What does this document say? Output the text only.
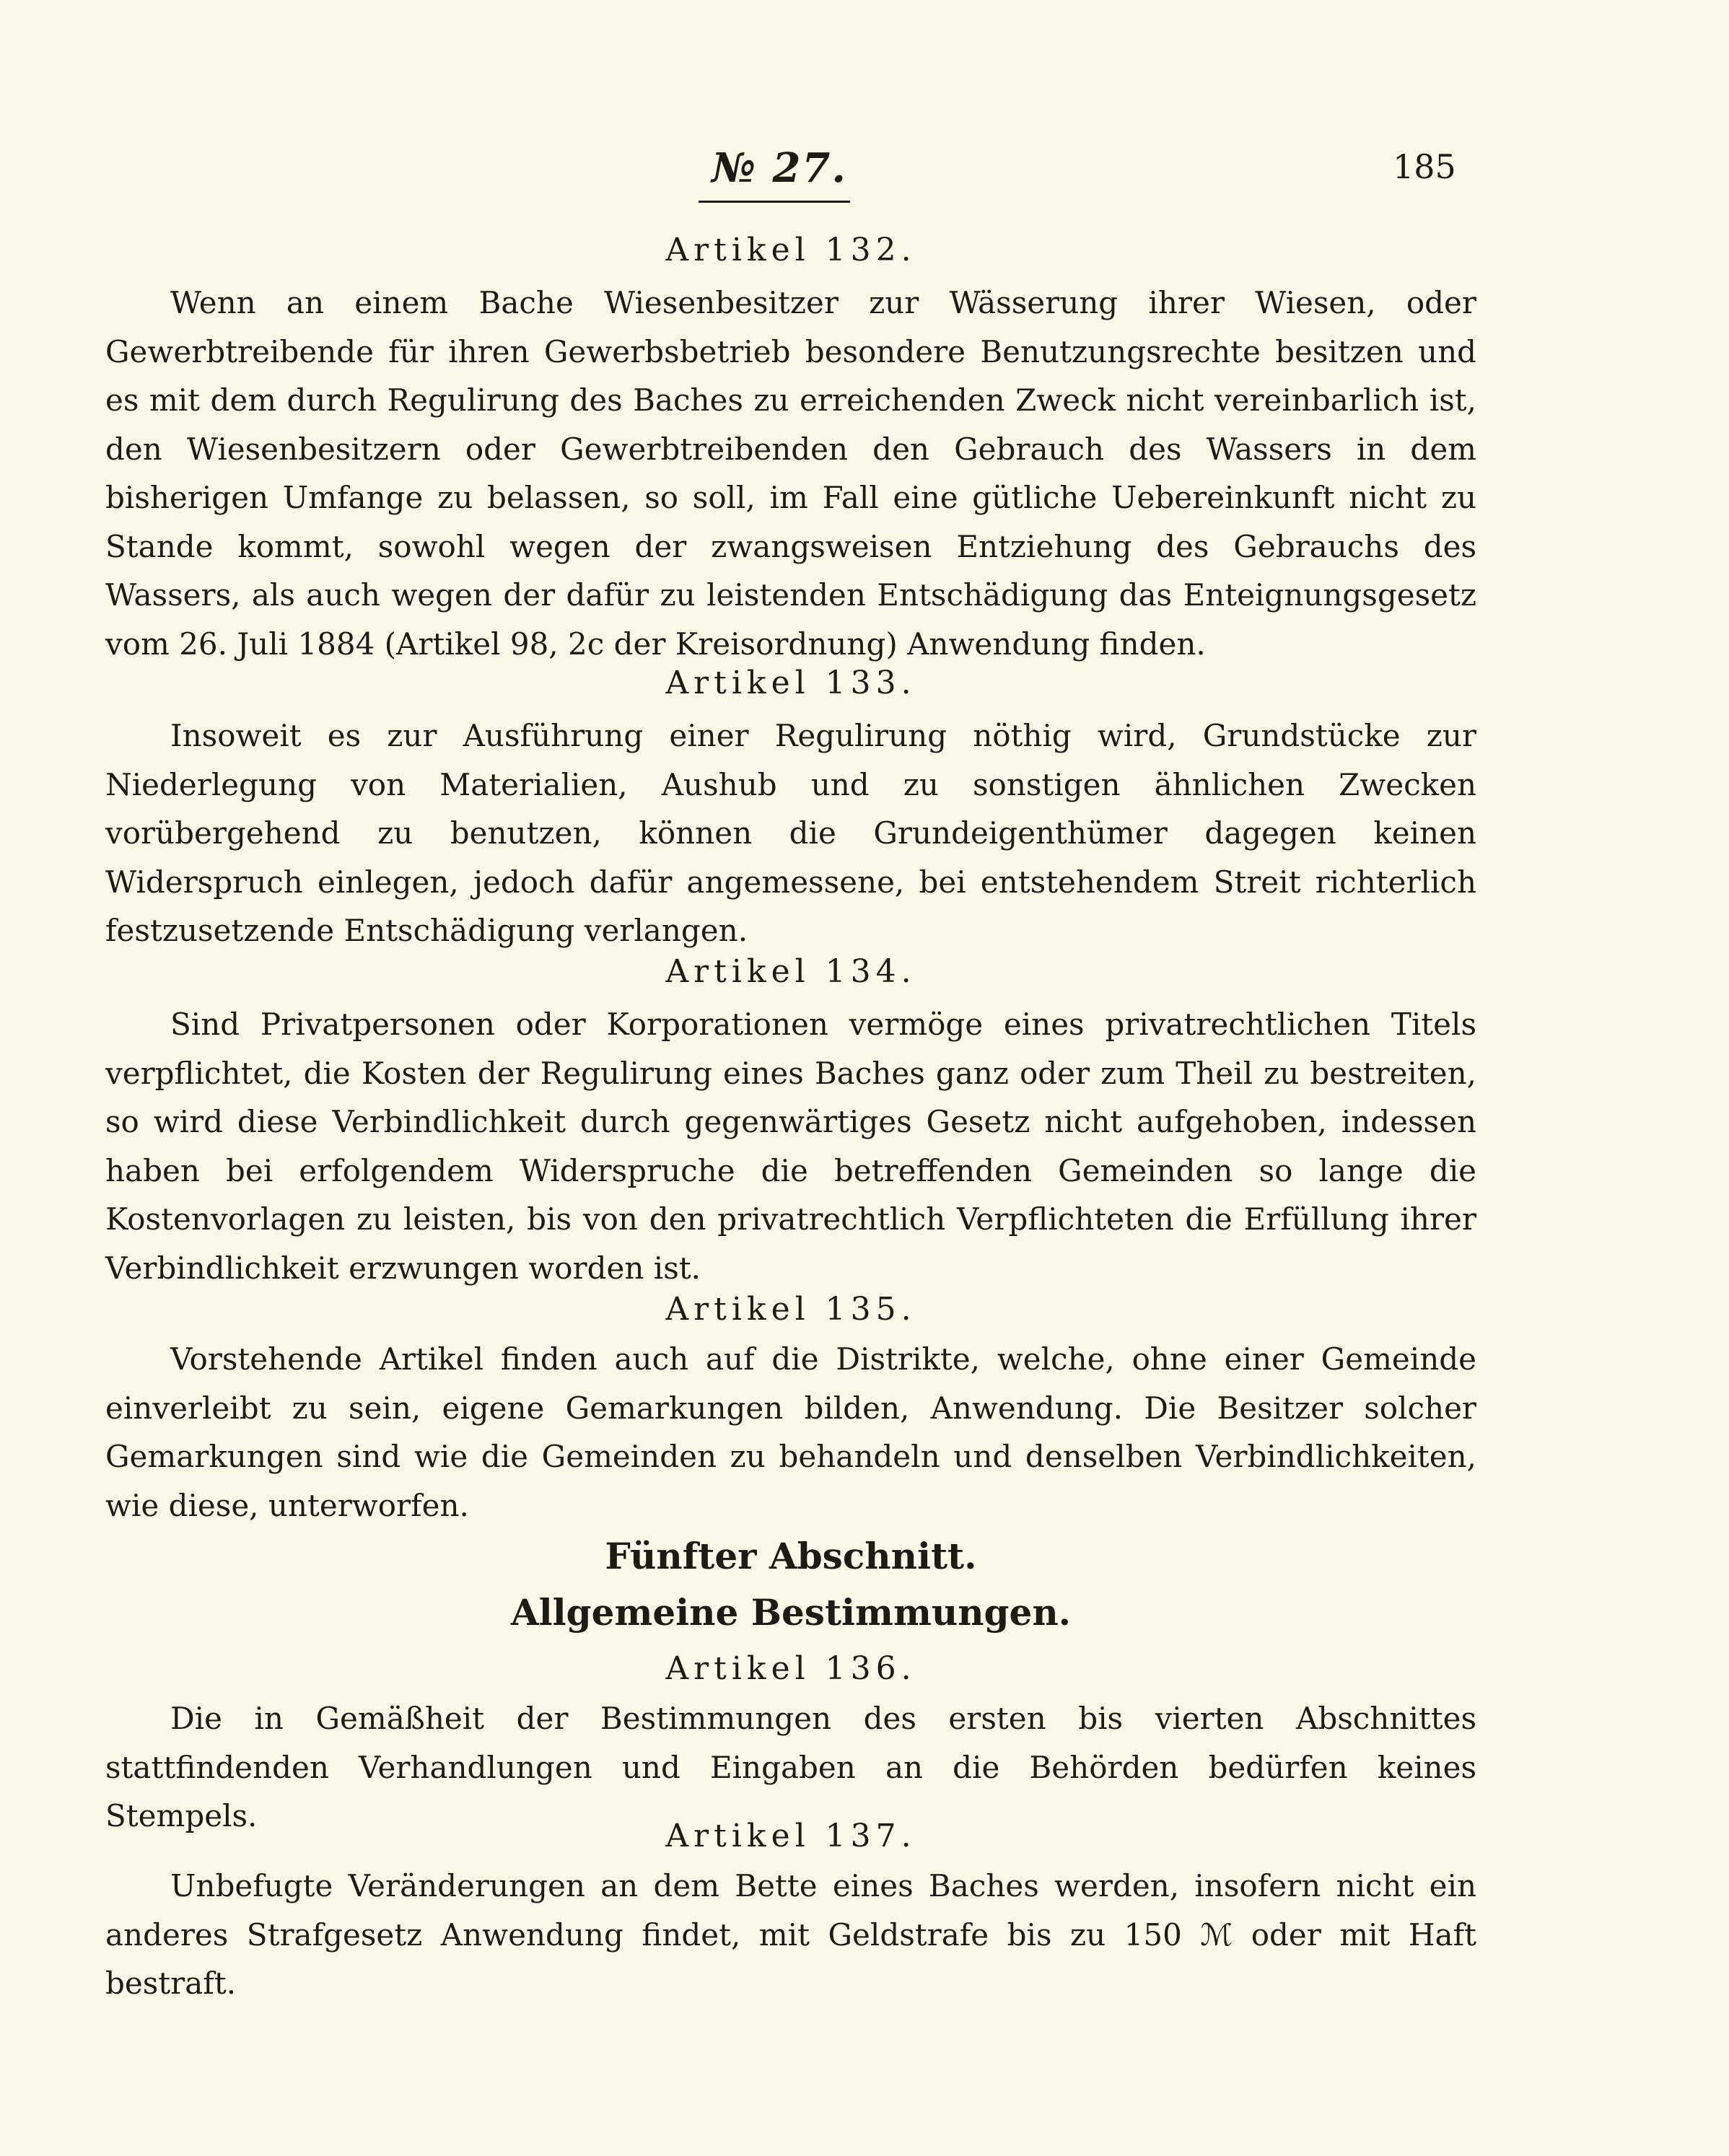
№ 27.	185

Artikel 132.

Wenn an einem Bache Wiesenbesitzer zur Wässerung ihrer Wiesen, oder Gewerbtreibende für ihren Gewerbsbetrieb besondere Benutzungsrechte besitzen und es mit dem durch Regulirung des Baches zu erreichenden Zweck nicht vereinbarlich ist, den Wiesenbesitzern oder Gewerbtreibenden den Gebrauch des Wassers in dem bisherigen Umfange zu belassen, so soll, im Fall eine gütliche Uebereinkunft nicht zu Stande kommt, sowohl wegen der zwangsweisen Entziehung des Gebrauchs des Wassers, als auch wegen der dafür zu leistenden Entschädigung das Enteignungsgesetz vom 26. Juli 1884 (Artikel 98, 2c der Kreisordnung) Anwendung finden.

Artikel 133.

Insoweit es zur Ausführung einer Regulirung nöthig wird, Grundstücke zur Niederlegung von Materialien, Aushub und zu sonstigen ähnlichen Zwecken vorübergehend zu benutzen, können die Grundeigenthümer dagegen keinen Widerspruch einlegen, jedoch dafür angemessene, bei entstehendem Streit richterlich festzusetzende Entschädigung verlangen.

Artikel 134.

Sind Privatpersonen oder Korporationen vermöge eines privatrechtlichen Titels verpflichtet, die Kosten der Regulirung eines Baches ganz oder zum Theil zu bestreiten, so wird diese Verbindlichkeit durch gegenwärtiges Gesetz nicht aufgehoben, indessen haben bei erfolgendem Widerspruche die betreffenden Gemeinden so lange die Kostenvorlagen zu leisten, bis von den privatrechtlich Verpflichteten die Erfüllung ihrer Verbindlichkeit erzwungen worden ist.

Artikel 135.

Vorstehende Artikel finden auch auf die Distrikte, welche, ohne einer Gemeinde einverleibt zu sein, eigene Gemarkungen bilden, Anwendung. Die Besitzer solcher Gemarkungen sind wie die Gemeinden zu behandeln und denselben Verbindlichkeiten, wie diese, unterworfen.

Fünfter Abschnitt.

Allgemeine Bestimmungen.

Artikel 136.

Die in Gemäßheit der Bestimmungen des ersten bis vierten Abschnittes stattfindenden Verhandlungen und Eingaben an die Behörden bedürfen keines Stempels.

Artikel 137.

Unbefugte Veränderungen an dem Bette eines Baches werden, insofern nicht ein anderes Strafgesetz Anwendung findet, mit Geldstrafe bis zu 150 ℳ oder mit Haft bestraft.
